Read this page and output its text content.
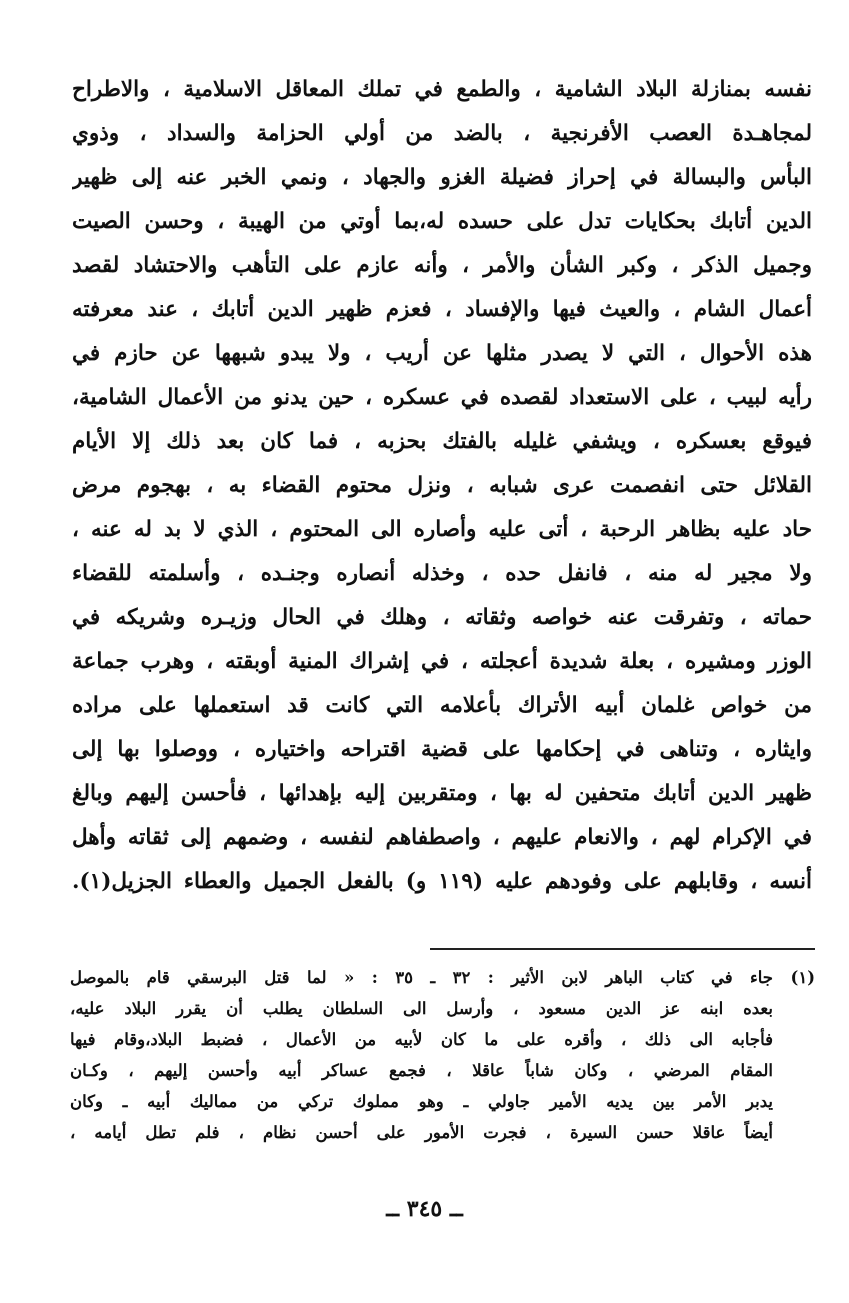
نفسه بمنازلة البلاد الشامية ، والطمع في تملك المعاقل الاسلامية ، والاطراح
لمجاهـدة العصب الأفرنجية ، بالضد من أولي الحزامة والسداد ، وذوي
البأس والبسالة في إحراز فضيلة الغزو والجهاد ، ونمي الخبر عنه إلى ظهير
الدين أتابك بحكايات تدل على حسده له،بما أوتي من الهيبة ، وحسن الصيت
وجميل الذكر ، وكبر الشأن والأمر ، وأنه عازم على التأهب والاحتشاد لقصد
أعمال الشام ، والعيث فيها والإفساد ، فعزم ظهير الدين أتابك ، عند معرفته
هذه الأحوال ، التي لا يصدر مثلها عن أريب ، ولا يبدو شبهها عن حازم في
رأيه لبيب ، على الاستعداد لقصده في عسكره ، حين يدنو من الأعمال الشامية،
فيوقع بعسكره ، ويشفي غليله بالفتك بحزبه ، فما كان بعد ذلك إلا الأيام
القلائل حتى انفصمت عرى شبابه ، ونزل محتوم القضاء به ، بهجوم مرض
حاد عليه بظاهر الرحبة ، أتى عليه وأصاره الى المحتوم ، الذي لا بد له عنه ،
ولا مجير له منه ، فانفل حده ، وخذله أنصاره وجنـده ، وأسلمته للقضاء
حماته ، وتفرقت عنه خواصه وثقاته ، وهلك في الحال وزيـره وشريكه في
الوزر ومشيره ، بعلة شديدة أعجلته ، في إشراك المنية أوبقته ، وهرب جماعة
من خواص غلمان أبيه الأتراك بأعلامه التي كانت قد استعملها على مراده
وايثاره ، وتناهى في إحكامها على قضية اقتراحه واختياره ، ووصلوا بها إلى
ظهير الدين أتابك متحفين له بها ، ومتقربين إليه بإهدائها ، فأحسن إليهم وبالغ
في الإكرام لهم ، والانعام عليهم ، واصطفاهم لنفسه ، وضمهم إلى ثقاته وأهل
أنسه ، وقابلهم على وفودهم عليه (١١٩ و) بالفعل الجميل والعطاء الجزيل(١).
(١)
جاء في كتاب الباهر لابن الأثير : ٣٢ ـ ٣٥ : « لما قتل البرسقي قام بالموصل
بعده ابنه عز الدين مسعود ، وأرسل الى السلطان يطلب أن يقرر البلاد عليه،
فأجابه الى ذلك ، وأقره على ما كان لأبيه من الأعمال ، فضبط البلاد،وقام فيها
المقام المرضي ، وكان شاباً عاقلا ، فجمع عساكر أبيه وأحسن إليهم ، وكـان
يدبر الأمر بين يديه الأمير جاولي ـ وهو مملوك تركي من مماليك أبيه ـ وكان
أيضاً عاقلا حسن السيرة ، فجرت الأمور على أحسن نظام ، فلم تطل أيامه ،
ــ ٣٤٥ ــ
